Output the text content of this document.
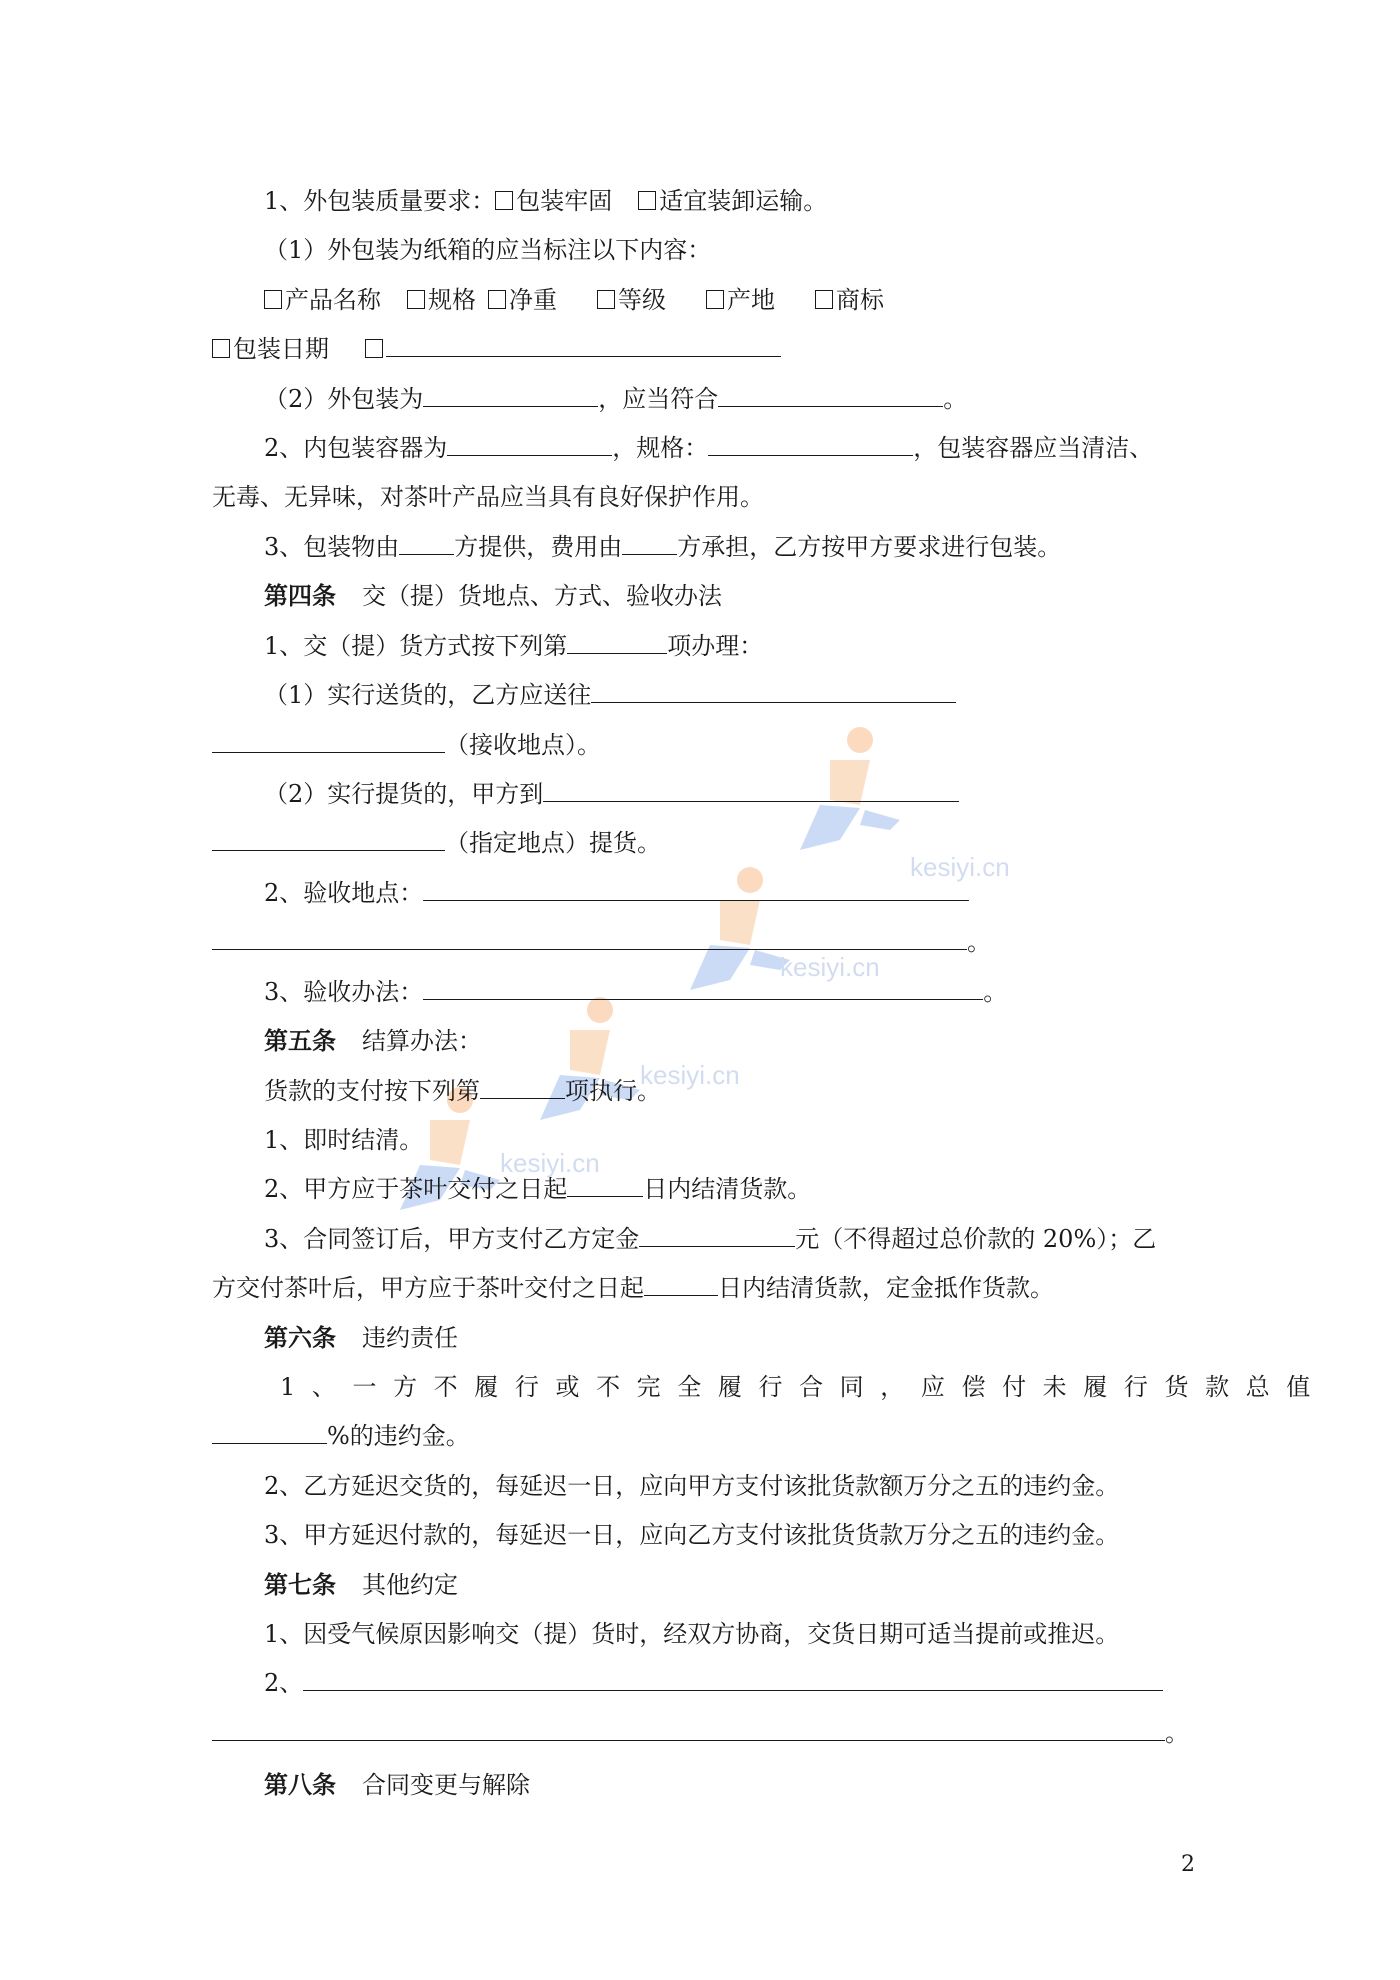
kesiyi.cn
kesiyi.cn
kesiyi.cn
kesiyi.cn
1、外包装质量要求： 包装牢固 适宜装卸运输。
（1）外包装为纸箱的应当标注以下内容：
产品名称 规格 净重	等级	产地	商标
包装日期
（2）外包装为	，应当符合	。
2、内包装容器为	，规格：	，包装容器应当清洁、
无毒、无异味，对茶叶产品应当具有良好保护作用。
3、包装物由 方提供，费用由 方承担，乙方按甲方要求进行包装。
第四条 交（提）货地点、方式、验收办法
1、交（提）货方式按下列第	项办理：
（1）实行送货的，乙方应送往
（接收地点）。
（2）实行提货的，甲方到
（指定地点）提货。
2、验收地点：
。
3、验收办法：	。
第五条 结算办法：
货款的支付按下列第	项执行。
1、即时结清。
2、甲方应于茶叶交付之日起	日内结清货款。
3、合同签订后，甲方支付乙方定金	元（不得超过总价款的 20%）；乙
方交付茶叶后，甲方应于茶叶交付之日起	日内结清货款，定金抵作货款。
第六条 违约责任
1、一方不履行或不完全履行合同，应偿付未履行货款总值
%的违约金。
2、乙方延迟交货的，每延迟一日，应向甲方支付该批货款额万分之五的违约金。
3、甲方延迟付款的，每延迟一日，应向乙方支付该批货货款万分之五的违约金。
第七条 其他约定
1、因受气候原因影响交（提）货时，经双方协商，交货日期可适当提前或推迟。
2、
。
第八条 合同变更与解除
2
